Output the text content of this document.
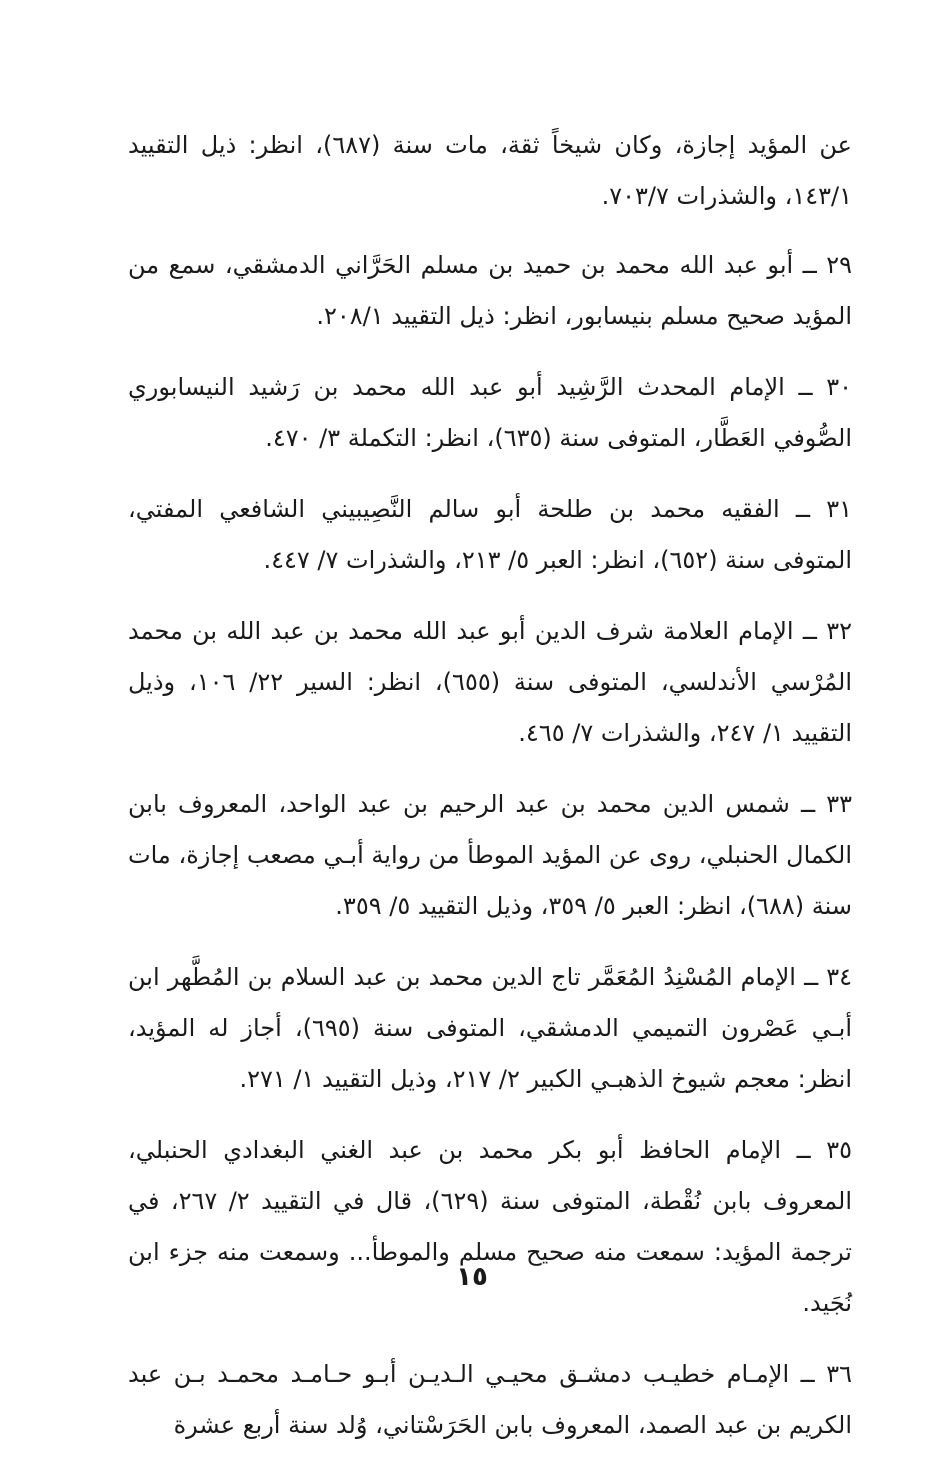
عن المؤيد إجازة، وكان شيخاً ثقة، مات سنة (٦٨٧)، انظر: ذيل التقييد ١٤٣/١، والشذرات ٧٠٣/٧.

٢٩ ــ أبو عبد الله محمد بن حميد بن مسلم الحَرَّاني الدمشقي، سمع من المؤيد صحيح مسلم بنيسابور، انظر: ذيل التقييد ٢٠٨/١.

٣٠ ــ الإمام المحدث الرَّشِيد أبو عبد الله محمد بن رَشيد النيسابوري الصُّوفي العَطَّار، المتوفى سنة (٦٣٥)، انظر: التكملة ٣/ ٤٧٠.

٣١ ــ الفقيه محمد بن طلحة أبو سالم النَّصِيبيني الشافعي المفتي، المتوفى سنة (٦٥٢)، انظر: العبر ٥/ ٢١٣، والشذرات ٧/ ٤٤٧.

٣٢ ــ الإمام العلامة شرف الدين أبو عبد الله محمد بن عبد الله بن محمد المُرْسي الأندلسي، المتوفى سنة (٦٥٥)، انظر: السير ٢٢/ ١٠٦، وذيل التقييد ١/ ٢٤٧، والشذرات ٧/ ٤٦٥.

٣٣ ــ شمس الدين محمد بن عبد الرحيم بن عبد الواحد، المعروف بابن الكمال الحنبلي، روى عن المؤيد الموطأ من رواية أبـي مصعب إجازة، مات سنة (٦٨٨)، انظر: العبر ٥/ ٣٥٩، وذيل التقييد ٥/ ٣٥٩.

٣٤ ــ الإمام المُسْنِدُ المُعَمَّر تاج الدين محمد بن عبد السلام بن المُطَّهر ابن أبـي عَصْرون التميمي الدمشقي، المتوفى سنة (٦٩٥)، أجاز له المؤيد، انظر: معجم شيوخ الذهبـي الكبير ٢/ ٢١٧، وذيل التقييد ١/ ٢٧١.

٣٥ ــ الإمام الحافظ أبو بكر محمد بن عبد الغني البغدادي الحنبلي، المعروف بابن نُقْطة، المتوفى سنة (٦٢٩)، قال في التقييد ٢/ ٢٦٧، في ترجمة المؤيد: سمعت منه صحيح مسلم والموطأ... وسمعت منه جزء ابن نُجَيد.

٣٦ ــ الإمـام خطيـب دمشـق محيـي الـديـن أبـو حـامـد محمـد بـن عبد الكريم بن عبد الصمد، المعروف بابن الحَرَسْتاني، وُلد سنة أربع عشرة

١٥
